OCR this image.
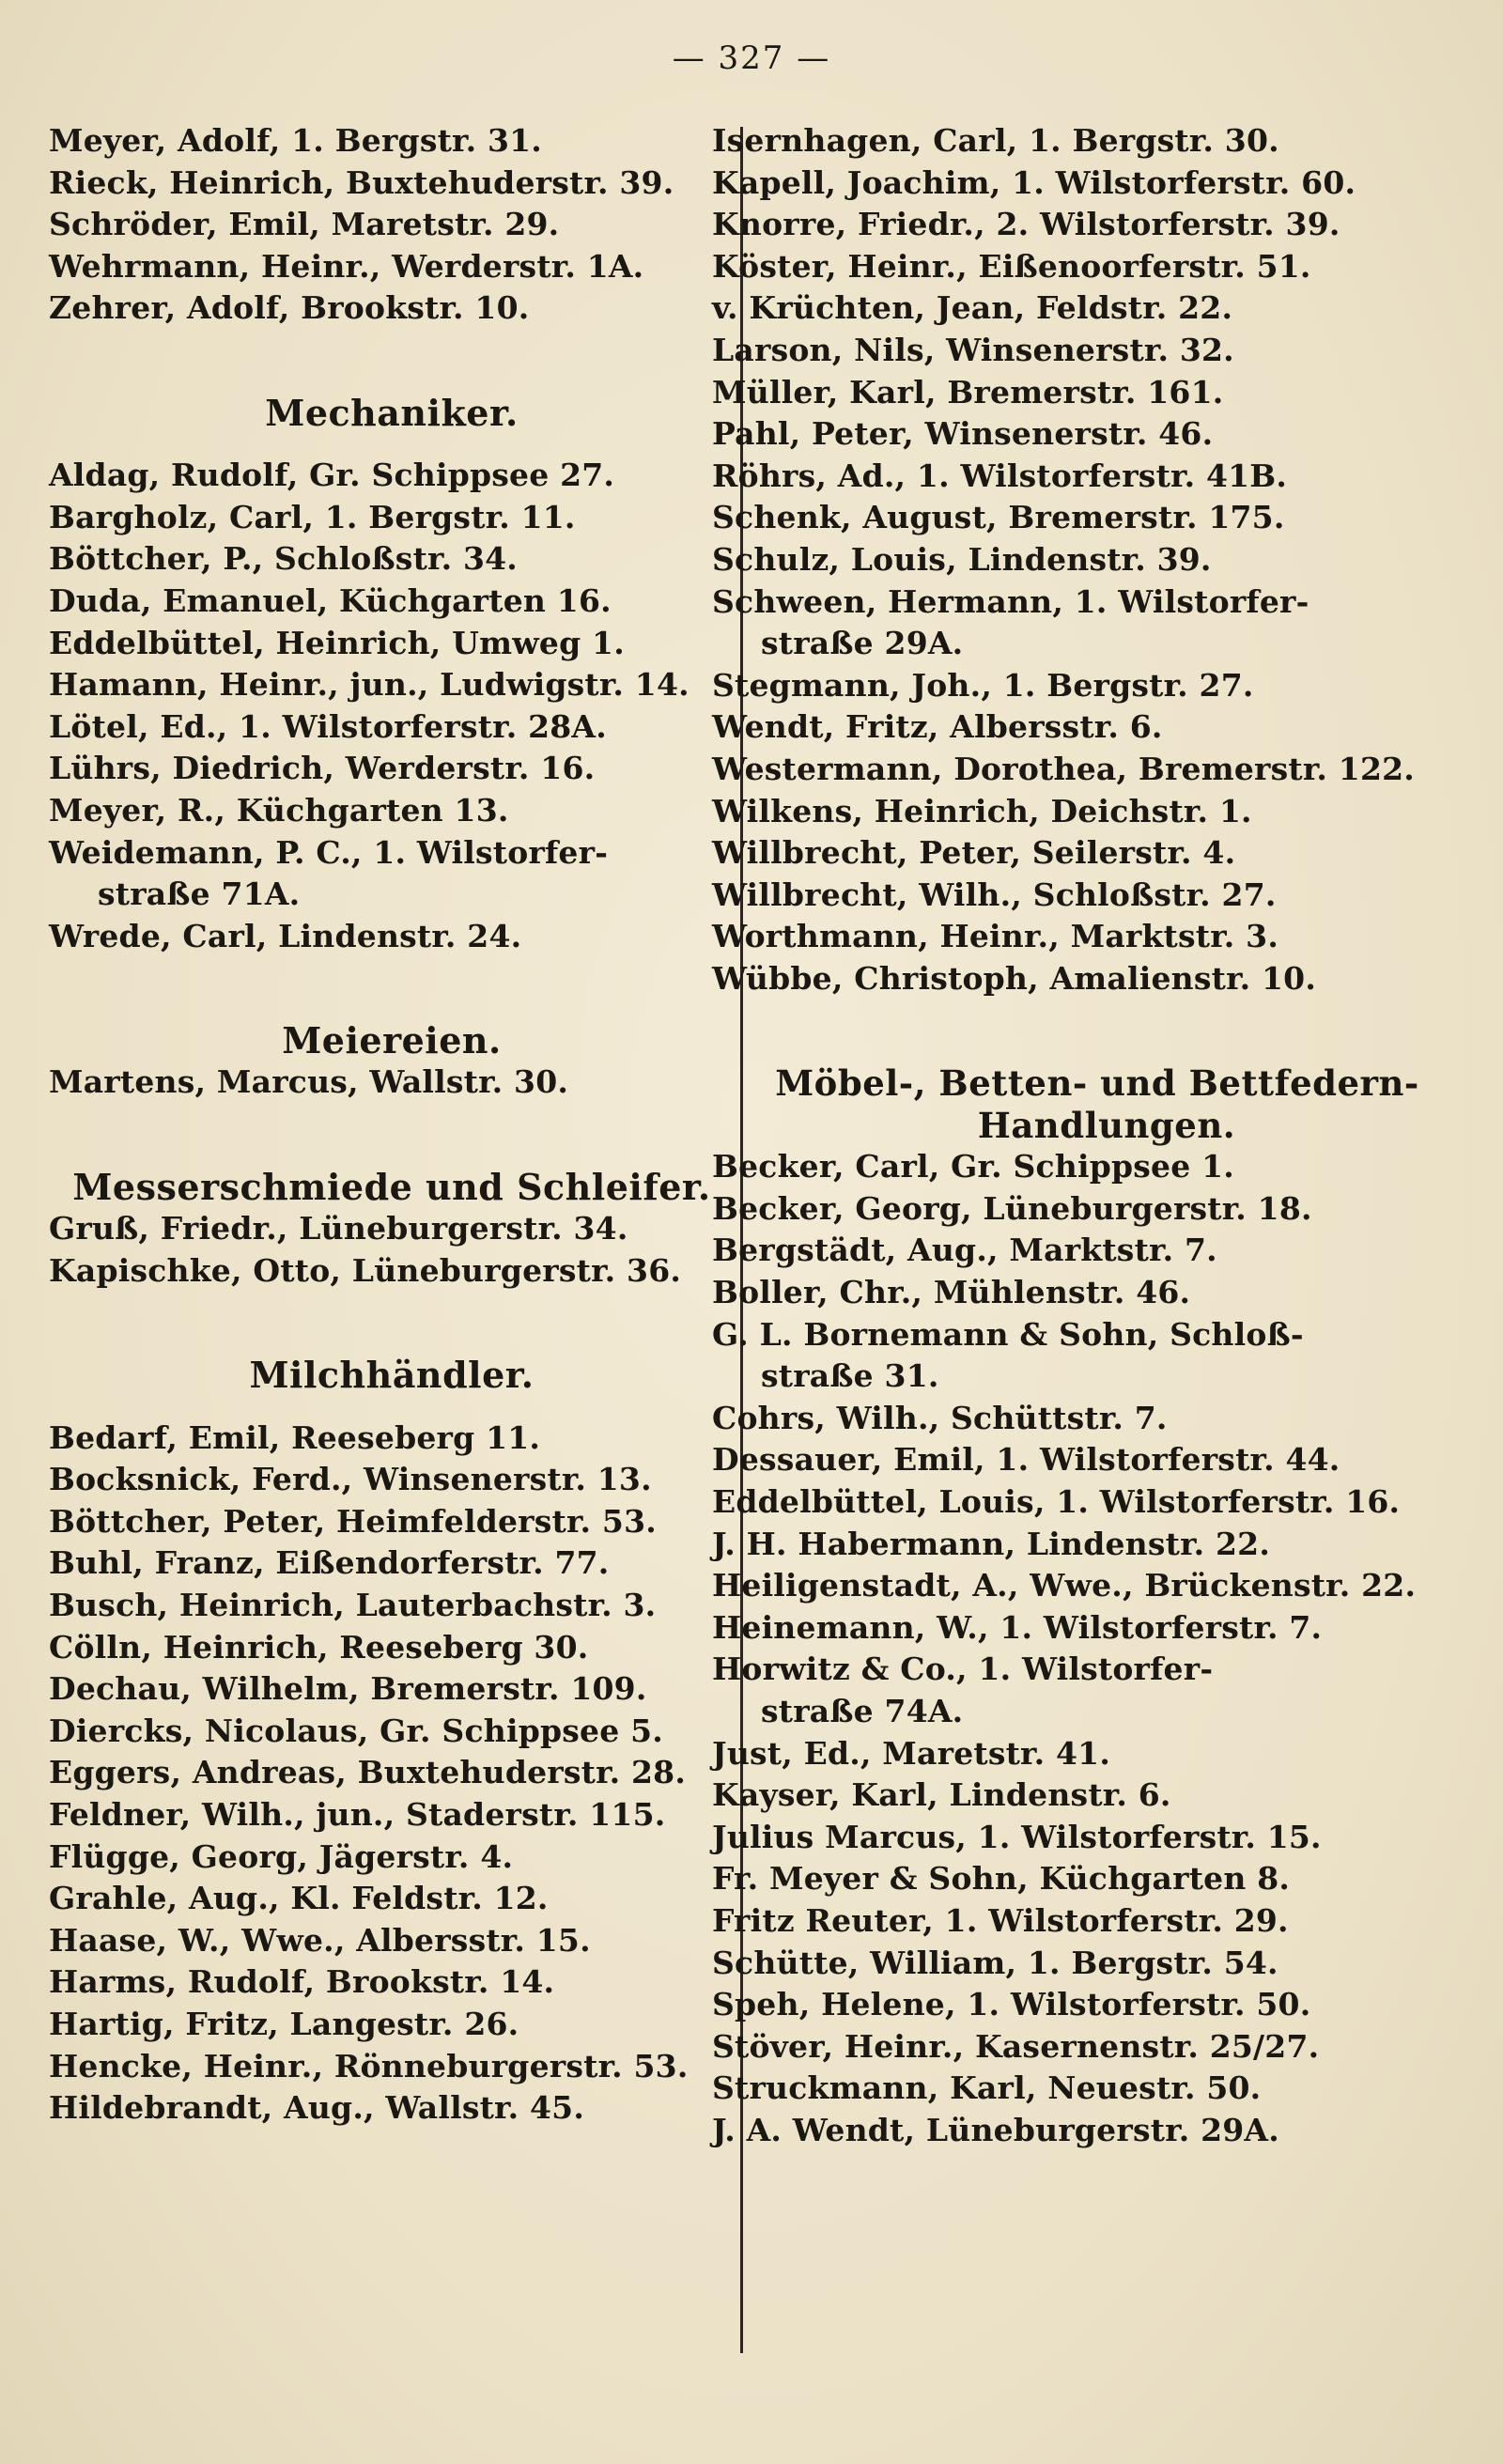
— 327 —
Meyer, Adolf, 1. Bergstr. 31.
Rieck, Heinrich, Buxtehuderstr. 39.
Schröder, Emil, Maretstr. 29.
Wehrmann, Heinr., Werderstr. 1A.
Zehrer, Adolf, Brookstr. 10.
Mechaniker.
Aldag, Rudolf, Gr. Schippsee 27.
Bargholz, Carl, 1. Bergstr. 11.
Böttcher, P., Schloßstr. 34.
Duda, Emanuel, Küchgarten 16.
Eddelbüttel, Heinrich, Umweg 1.
Hamann, Heinr., jun., Ludwigstr. 14.
Lötel, Ed., 1. Wilstorferstr. 28A.
Lührs, Diedrich, Werderstr. 16.
Meyer, R., Küchgarten 13.
Weidemann, P. C., 1. Wilstorfer-
straße 71A.
Wrede, Carl, Lindenstr. 24.
Meiereien.
Martens, Marcus, Wallstr. 30.
Messerschmiede und Schleifer.
Gruß, Friedr., Lüneburgerstr. 34.
Kapischke, Otto, Lüneburgerstr. 36.
Milchhändler.
Bedarf, Emil, Reeseberg 11.
Bocksnick, Ferd., Winsenerstr. 13.
Böttcher, Peter, Heimfelderstr. 53.
Buhl, Franz, Eißendorferstr. 77.
Busch, Heinrich, Lauterbachstr. 3.
Cölln, Heinrich, Reeseberg 30.
Dechau, Wilhelm, Bremerstr. 109.
Diercks, Nicolaus, Gr. Schippsee 5.
Eggers, Andreas, Buxtehuderstr. 28.
Feldner, Wilh., jun., Staderstr. 115.
Flügge, Georg, Jägerstr. 4.
Grahle, Aug., Kl. Feldstr. 12.
Haase, W., Wwe., Albersstr. 15.
Harms, Rudolf, Brookstr. 14.
Hartig, Fritz, Langestr. 26.
Hencke, Heinr., Rönneburgerstr. 53.
Hildebrandt, Aug., Wallstr. 45.
Isernhagen, Carl, 1. Bergstr. 30.
Kapell, Joachim, 1. Wilstorferstr. 60.
Knorre, Friedr., 2. Wilstorferstr. 39.
Köster, Heinr., Eißenoorferstr. 51.
v. Krüchten, Jean, Feldstr. 22.
Larson, Nils, Winsenerstr. 32.
Müller, Karl, Bremerstr. 161.
Pahl, Peter, Winsenerstr. 46.
Röhrs, Ad., 1. Wilstorferstr. 41B.
Schenk, August, Bremerstr. 175.
Schulz, Louis, Lindenstr. 39.
Schween, Hermann, 1. Wilstorfer-
straße 29A.
Stegmann, Joh., 1. Bergstr. 27.
Wendt, Fritz, Albersstr. 6.
Westermann, Dorothea, Bremerstr. 122.
Wilkens, Heinrich, Deichstr. 1.
Willbrecht, Peter, Seilerstr. 4.
Willbrecht, Wilh., Schloßstr. 27.
Worthmann, Heinr., Marktstr. 3.
Wübbe, Christoph, Amalienstr. 10.
Möbel-, Betten- und Bettfedern-
Handlungen.
Becker, Carl, Gr. Schippsee 1.
Becker, Georg, Lüneburgerstr. 18.
Bergstädt, Aug., Marktstr. 7.
Boller, Chr., Mühlenstr. 46.
G. L. Bornemann & Sohn, Schloß-
straße 31.
Cohrs, Wilh., Schüttstr. 7.
Dessauer, Emil, 1. Wilstorferstr. 44.
Eddelbüttel, Louis, 1. Wilstorferstr. 16.
J. H. Habermann, Lindenstr. 22.
Heiligenstadt, A., Wwe., Brückenstr. 22.
Heinemann, W., 1. Wilstorferstr. 7.
Horwitz & Co., 1. Wilstorfer-
straße 74A.
Just, Ed., Maretstr. 41.
Kayser, Karl, Lindenstr. 6.
Julius Marcus, 1. Wilstorferstr. 15.
Fr. Meyer & Sohn, Küchgarten 8.
Fritz Reuter, 1. Wilstorferstr. 29.
Schütte, William, 1. Bergstr. 54.
Speh, Helene, 1. Wilstorferstr. 50.
Stöver, Heinr., Kasernenstr. 25/27.
Struckmann, Karl, Neuestr. 50.
J. A. Wendt, Lüneburgerstr. 29A.
